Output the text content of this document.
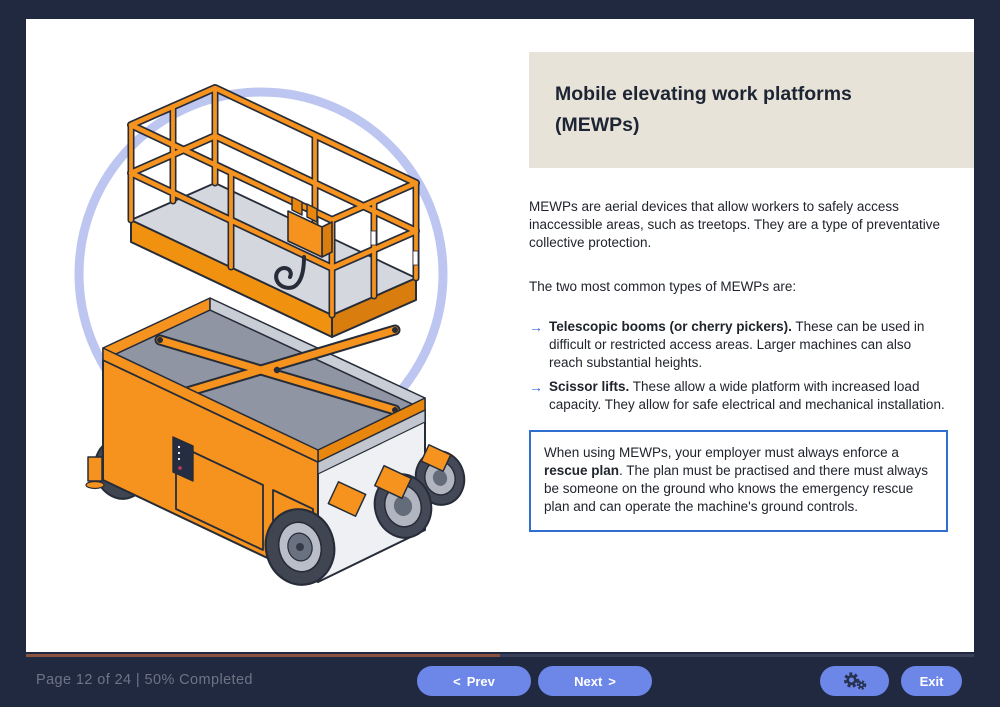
Mobile elevating work platforms (MEWPs)

MEWPs are aerial devices that allow workers to safely access inaccessible areas, such as treetops. They are a type of preventative collective protection.

The two most common types of MEWPs are:

→ Telescopic booms (or cherry pickers). These can be used in difficult or restricted access areas. Larger machines can also reach substantial heights.
→ Scissor lifts. These allow a wide platform with increased load capacity. They allow for safe electrical and mechanical installation.
When using MEWPs, your employer must always enforce a rescue plan. The plan must be practised and there must always be someone on the ground who knows the emergency rescue plan and can operate the machine's ground controls.
Page 12 of 24 | 50% Completed	< Prev	Next >	Exit
